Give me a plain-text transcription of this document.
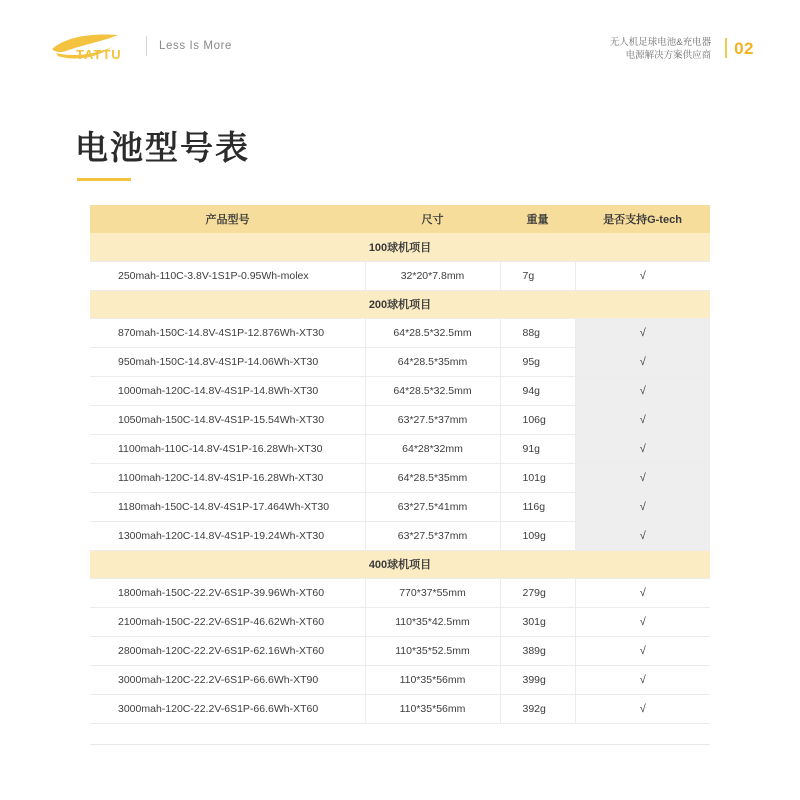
TATTU
Less Is More	无人机足球电池&充电器
电源解决方案供应商 02
电池型号表
产品型号	尺寸	重量	是否支持G-tech
100球机项目			
250mah-110C-3.8V-1S1P-0.95Wh-molex	32*20*7.8mm	7g	√
200球机项目			
870mah-150C-14.8V-4S1P-12.876Wh-XT30	64*28.5*32.5mm	88g	√
950mah-150C-14.8V-4S1P-14.06Wh-XT30	64*28.5*35mm	95g	√
1000mah-120C-14.8V-4S1P-14.8Wh-XT30	64*28.5*32.5mm	94g	√
1050mah-150C-14.8V-4S1P-15.54Wh-XT30	63*27.5*37mm	106g	√
1100mah-110C-14.8V-4S1P-16.28Wh-XT30	64*28*32mm	91g	√
1100mah-120C-14.8V-4S1P-16.28Wh-XT30	64*28.5*35mm	101g	√
1180mah-150C-14.8V-4S1P-17.464Wh-XT30	63*27.5*41mm	116g	√
1300mah-120C-14.8V-4S1P-19.24Wh-XT30	63*27.5*37mm	109g	√
400球机项目			
1800mah-150C-22.2V-6S1P-39.96Wh-XT60	770*37*55mm	279g	√
2100mah-150C-22.2V-6S1P-46.62Wh-XT60	110*35*42.5mm	301g	√
2800mah-120C-22.2V-6S1P-62.16Wh-XT60	110*35*52.5mm	389g	√
3000mah-120C-22.2V-6S1P-66.6Wh-XT90	110*35*56mm	399g	√
3000mah-120C-22.2V-6S1P-66.6Wh-XT60	110*35*56mm	392g	√
